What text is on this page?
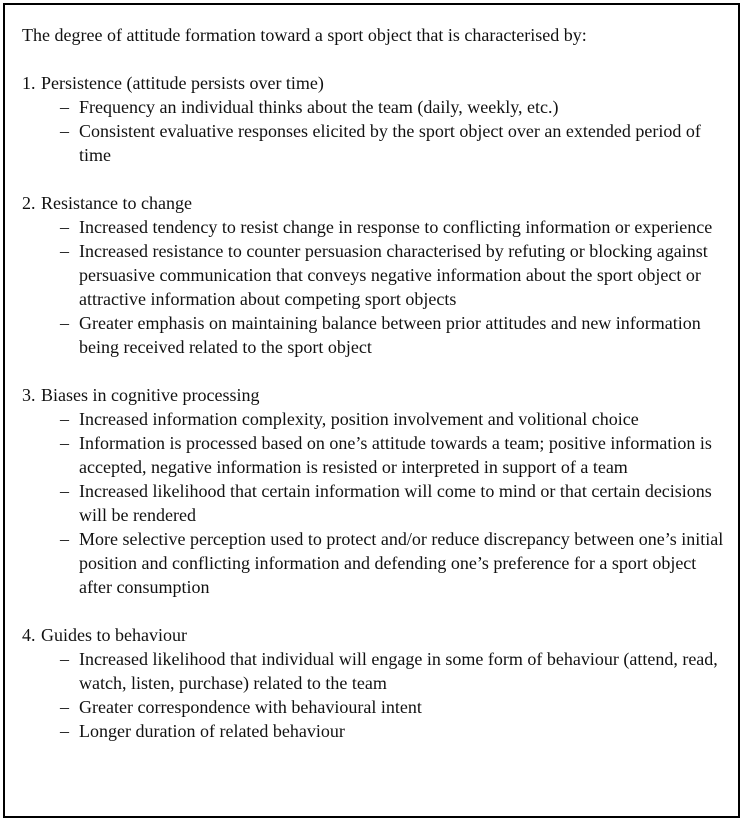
The degree of attitude formation toward a sport object that is characterised by:

1. Persistence (attitude persists over time)
– Frequency an individual thinks about the team (daily, weekly, etc.)
– Consistent evaluative responses elicited by the sport object over an extended period of time
2. Resistance to change
– Increased tendency to resist change in response to conflicting information or experience
– Increased resistance to counter persuasion characterised by refuting or blocking against persuasive communication that conveys negative information about the sport object or attractive information about competing sport objects
– Greater emphasis on maintaining balance between prior attitudes and new information being received related to the sport object
3. Biases in cognitive processing
– Increased information complexity, position involvement and volitional choice
– Information is processed based on one’s attitude towards a team; positive information is accepted, negative information is resisted or interpreted in support of a team
– Increased likelihood that certain information will come to mind or that certain decisions will be rendered
– More selective perception used to protect and/or reduce discrepancy between one’s initial position and conflicting information and defending one’s preference for a sport object after consumption
4. Guides to behaviour
– Increased likelihood that individual will engage in some form of behaviour (attend, read, watch, listen, purchase) related to the team
– Greater correspondence with behavioural intent
– Longer duration of related behaviour
